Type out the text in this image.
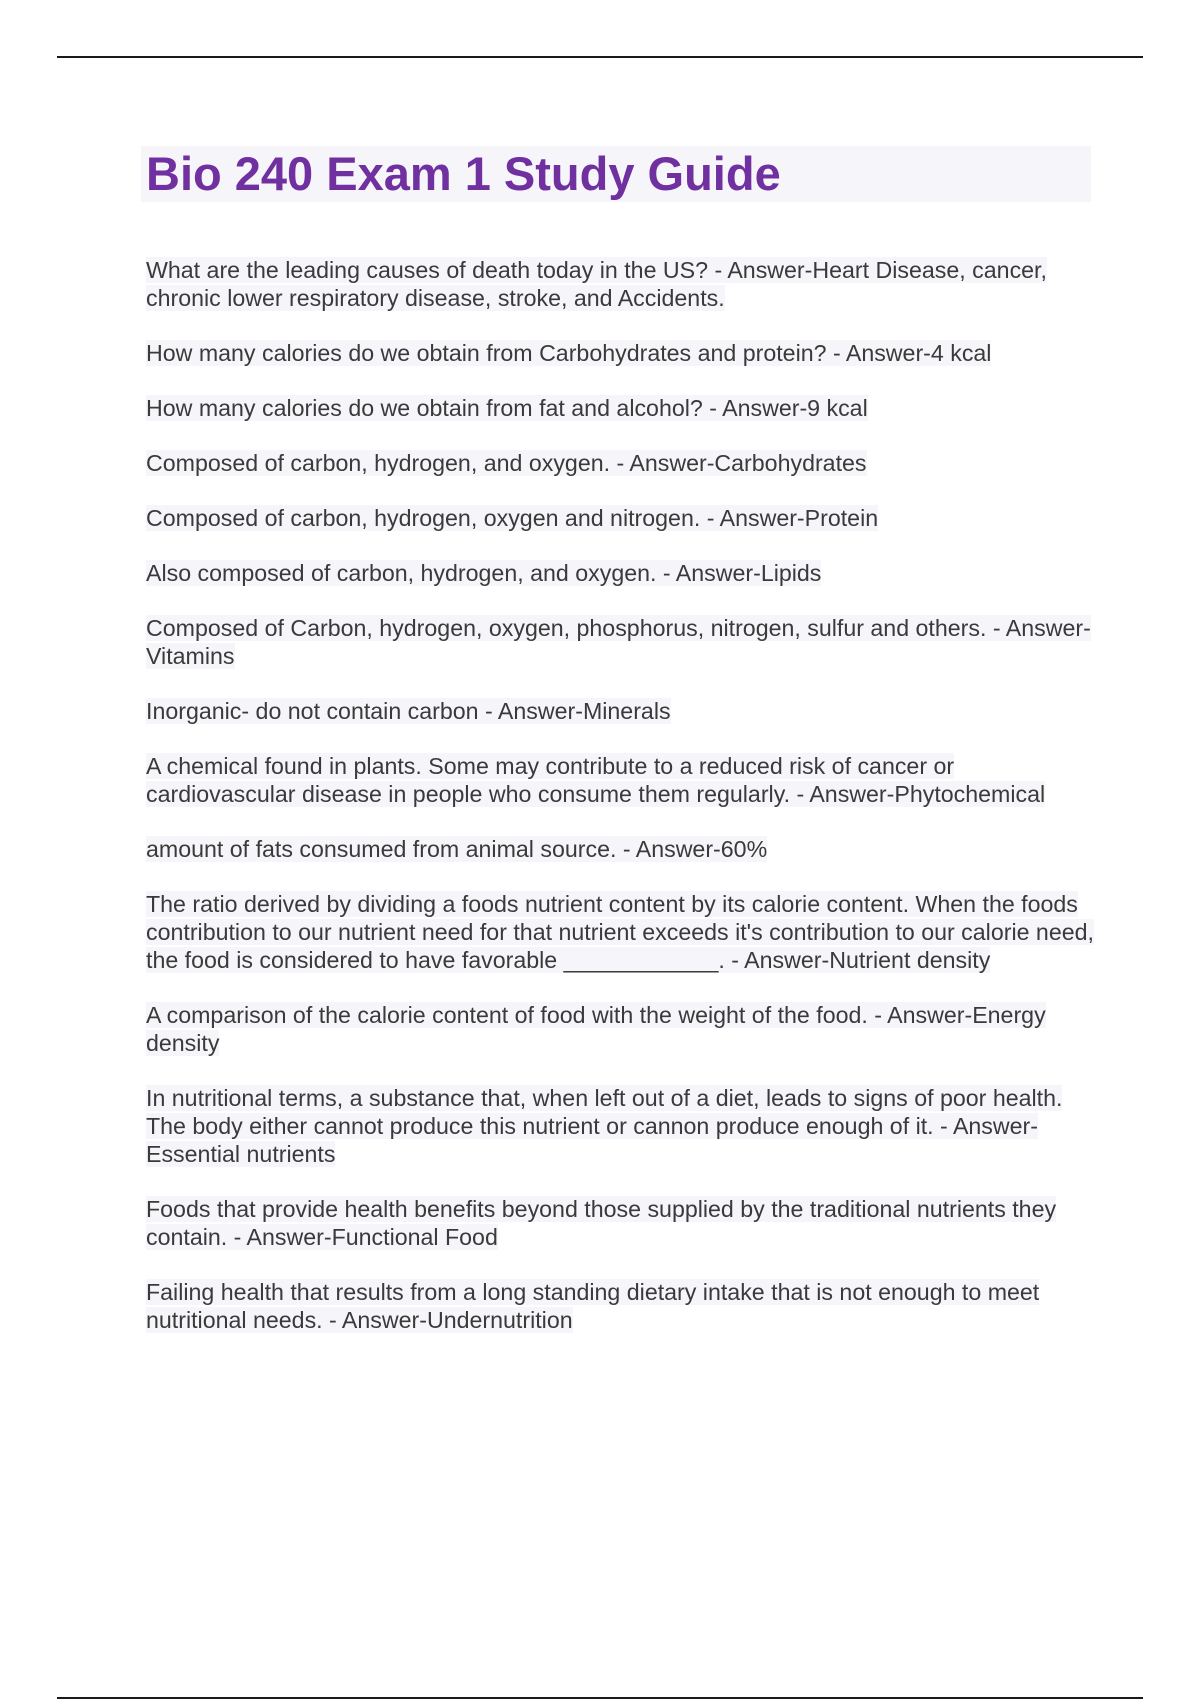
Bio 240 Exam 1 Study Guide

What are the leading causes of death today in the US? - Answer-Heart Disease, cancer, chronic lower respiratory disease, stroke, and Accidents.

How many calories do we obtain from Carbohydrates and protein? - Answer-4 kcal

How many calories do we obtain from fat and alcohol? - Answer-9 kcal

Composed of carbon, hydrogen, and oxygen. - Answer-Carbohydrates

Composed of carbon, hydrogen, oxygen and nitrogen. - Answer-Protein

Also composed of carbon, hydrogen, and oxygen. - Answer-Lipids

Composed of Carbon, hydrogen, oxygen, phosphorus, nitrogen, sulfur and others. - Answer-Vitamins

Inorganic- do not contain carbon - Answer-Minerals

A chemical found in plants. Some may contribute to a reduced risk of cancer or cardiovascular disease in people who consume them regularly. - Answer-Phytochemical

amount of fats consumed from animal source. - Answer-60%

The ratio derived by dividing a foods nutrient content by its calorie content. When the foods contribution to our nutrient need for that nutrient exceeds it's contribution to our calorie need, the food is considered to have favorable ____________. - Answer-Nutrient density

A comparison of the calorie content of food with the weight of the food. - Answer-Energy density

In nutritional terms, a substance that, when left out of a diet, leads to signs of poor health. The body either cannot produce this nutrient or cannon produce enough of it. - Answer-Essential nutrients

Foods that provide health benefits beyond those supplied by the traditional nutrients they contain. - Answer-Functional Food

Failing health that results from a long standing dietary intake that is not enough to meet nutritional needs. - Answer-Undernutrition
